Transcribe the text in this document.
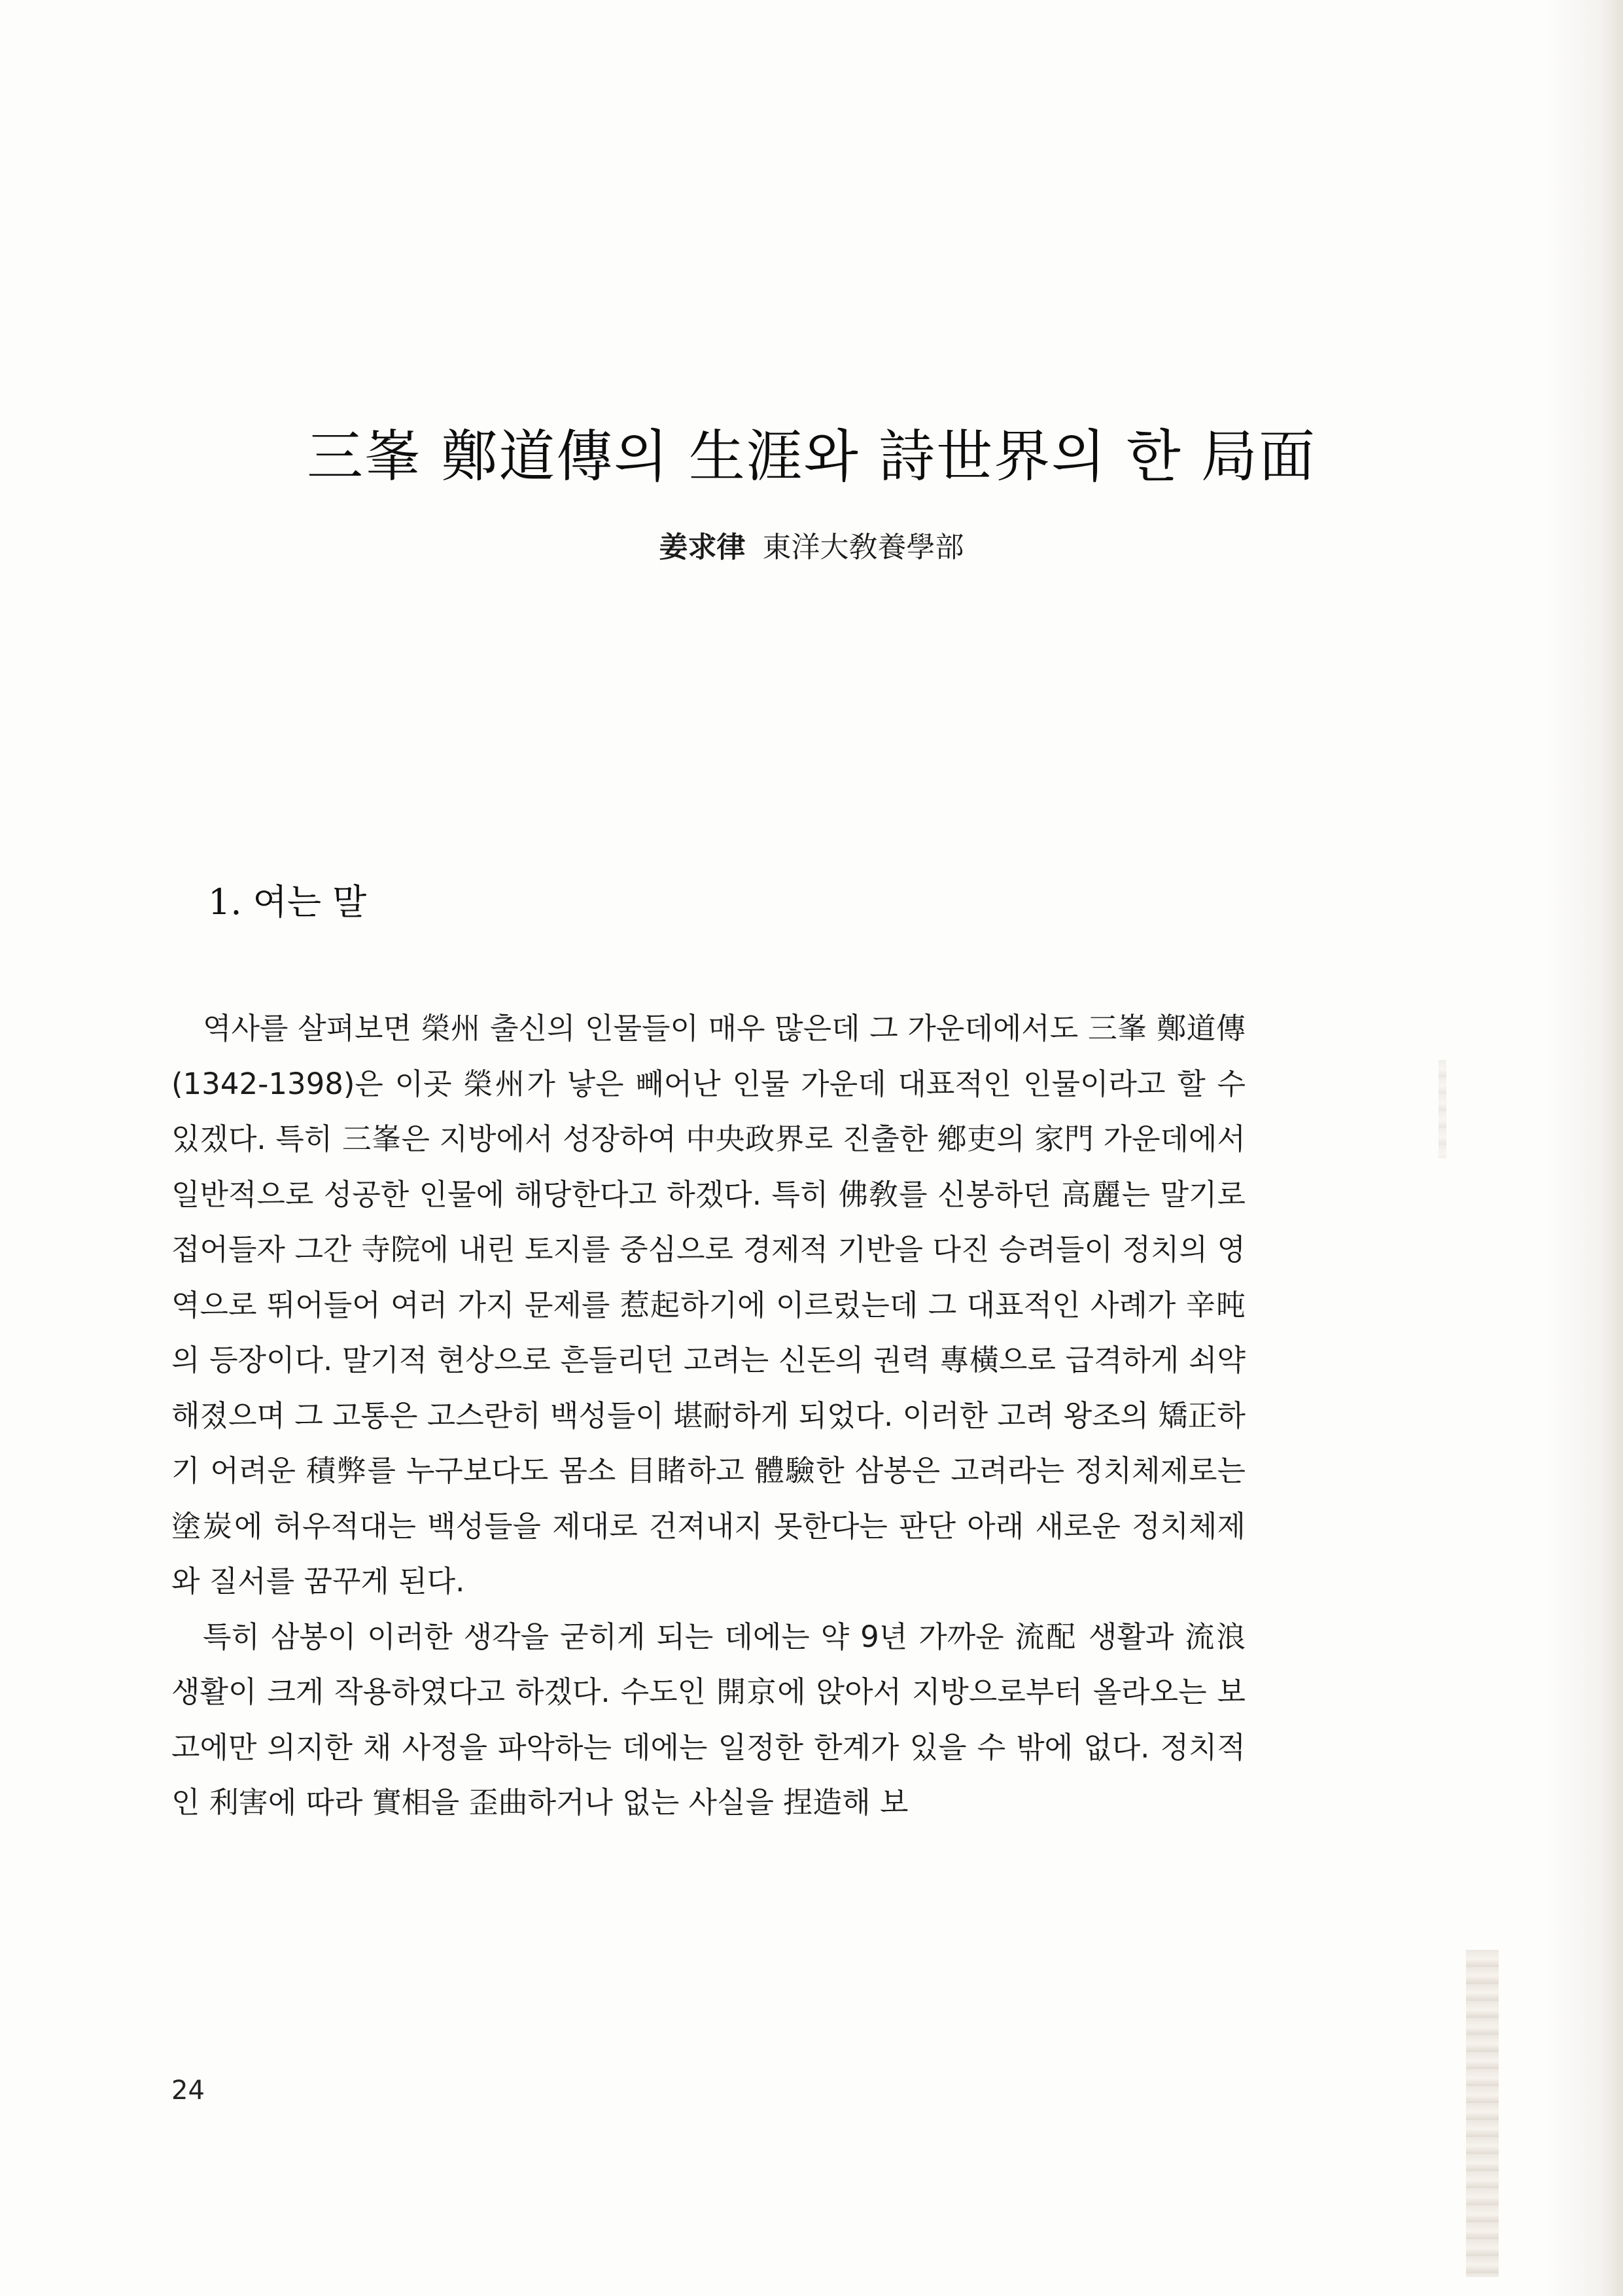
三峯 鄭道傳의 生涯와 詩世界의 한 局面
姜求律 東洋大敎養學部
1. 여는 말

역사를 살펴보면 榮州 출신의 인물들이 매우 많은데 그 가운데에서도 三峯 鄭道傳(1342-1398)은 이곳 榮州가 낳은 빼어난 인물 가운데 대표적인 인물이라고 할 수 있겠다. 특히 三峯은 지방에서 성장하여 中央政界로 진출한 鄕吏의 家門 가운데에서 일반적으로 성공한 인물에 해당한다고 하겠다. 특히 佛敎를 신봉하던 高麗는 말기로 접어들자 그간 寺院에 내린 토지를 중심으로 경제적 기반을 다진 승려들이 정치의 영역으로 뛰어들어 여러 가지 문제를 惹起하기에 이르렀는데 그 대표적인 사례가 辛旽의 등장이다. 말기적 현상으로 흔들리던 고려는 신돈의 권력 專橫으로 급격하게 쇠약해졌으며 그 고통은 고스란히 백성들이 堪耐하게 되었다. 이러한 고려 왕조의 矯正하기 어려운 積弊를 누구보다도 몸소 目睹하고 體驗한 삼봉은 고려라는 정치체제로는 塗炭에 허우적대는 백성들을 제대로 건져내지 못한다는 판단 아래 새로운 정치체제와 질서를 꿈꾸게 된다.

특히 삼봉이 이러한 생각을 굳히게 되는 데에는 약 9년 가까운 流配 생활과 流浪 생활이 크게 작용하였다고 하겠다. 수도인 開京에 앉아서 지방으로부터 올라오는 보고에만 의지한 채 사정을 파악하는 데에는 일정한 한계가 있을 수 밖에 없다. 정치적인 利害에 따라 實相을 歪曲하거나 없는 사실을 捏造해 보

24
